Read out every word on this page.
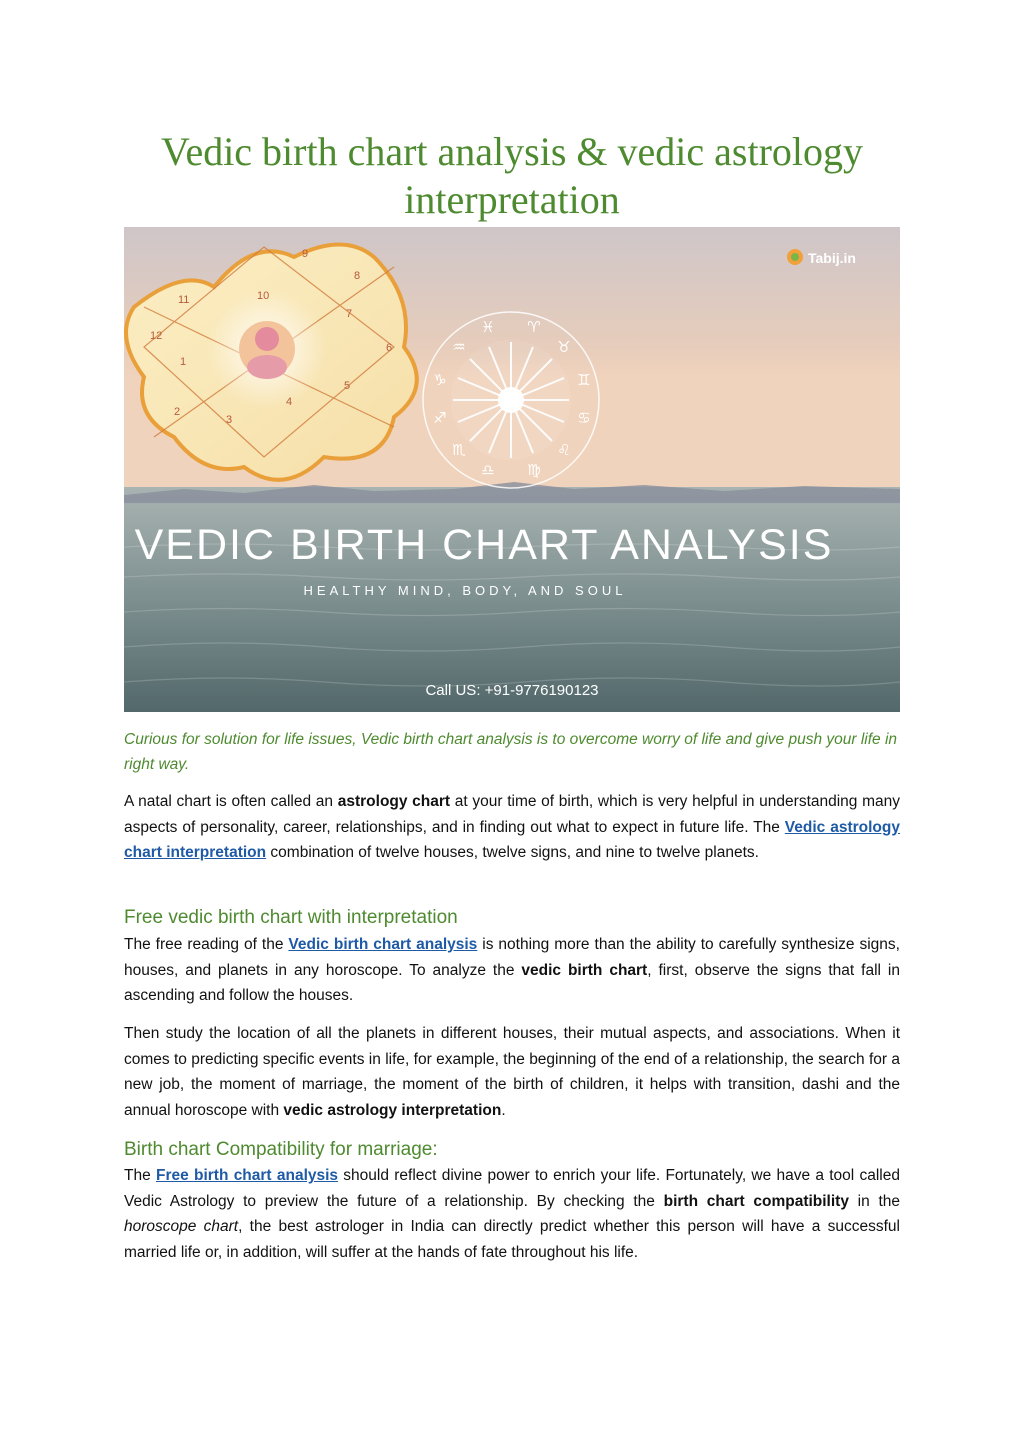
Vedic birth chart analysis & vedic astrology interpretation
Tabij.in
9
8
10
7
11
12
6
1
5
4
2
3
♓ ♈
♒	♉
♑	♊
♐	♋
♏	♌
♎ ♍
VEDIC BIRTH CHART ANALYSIS
HEALTHY MIND, BODY, AND SOUL
Call US: +91-9776190123

Curious for solution for life issues, Vedic birth chart analysis is to overcome worry of life and give push your life in right way.

A natal chart is often called an astrology chart at your time of birth, which is very helpful in understanding many aspects of personality, career, relationships, and in finding out what to expect in future life. The Vedic astrology chart interpretation combination of twelve houses, twelve signs, and nine to twelve planets.

Free vedic birth chart with interpretation

The free reading of the Vedic birth chart analysis is nothing more than the ability to carefully synthesize signs, houses, and planets in any horoscope. To analyze the vedic birth chart, first, observe the signs that fall in ascending and follow the houses.

Then study the location of all the planets in different houses, their mutual aspects, and associations. When it comes to predicting specific events in life, for example, the beginning of the end of a relationship, the search for a new job, the moment of marriage, the moment of the birth of children, it helps with transition, dashi and the annual horoscope with vedic astrology interpretation.

Birth chart Compatibility for marriage:

The Free birth chart analysis should reflect divine power to enrich your life. Fortunately, we have a tool called Vedic Astrology to preview the future of a relationship. By checking the birth chart compatibility in the horoscope chart, the best astrologer in India can directly predict whether this person will have a successful married life or, in addition, will suffer at the hands of fate throughout his life.
